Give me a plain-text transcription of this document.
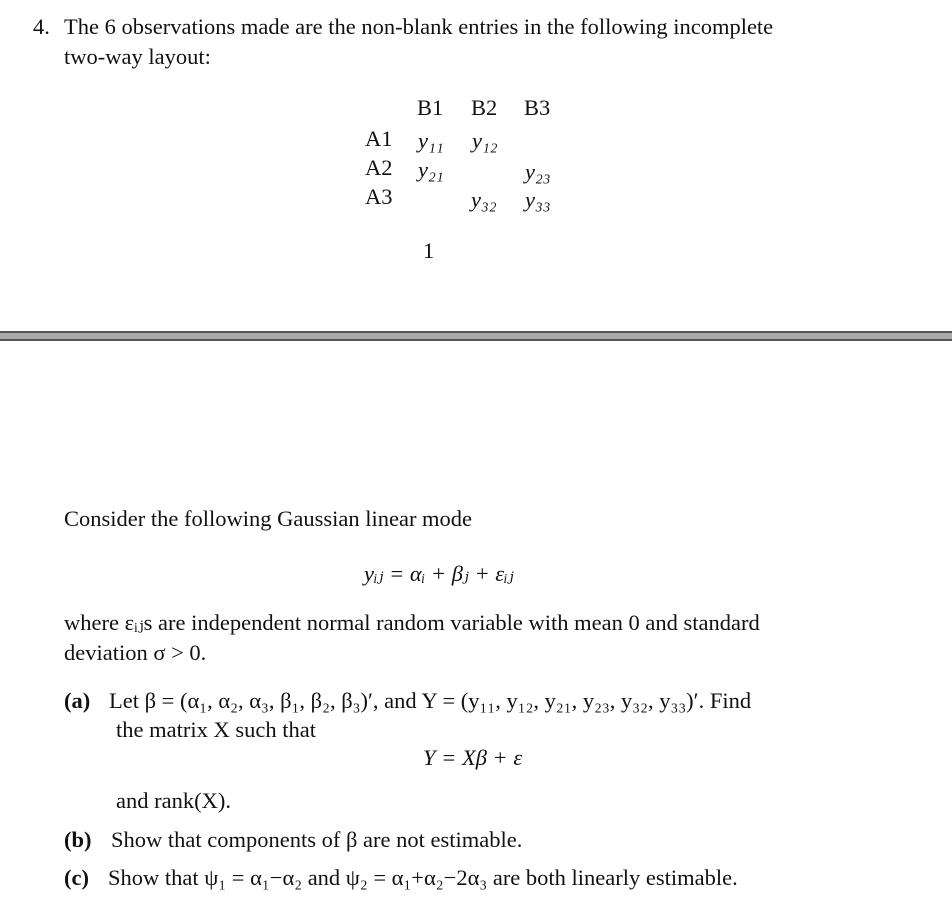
4. The 6 observations made are the non-blank entries in the following incomplete
two-way layout:
B1 B2 B3
A1
A2
A3
y₁₁ y₁₂
y₂₁	y₂₃
y₃₂ y₃₃
1
Consider the following Gaussian linear mode
yᵢⱼ = αᵢ + βⱼ + εᵢⱼ
where εᵢⱼs are independent normal random variable with mean 0 and standard
deviation σ > 0.
(a) Let β = (α₁, α₂, α₃, β₁, β₂, β₃)′, and Y = (y₁₁, y₁₂, y₂₁, y₂₃, y₃₂, y₃₃)′. Find
the matrix X such that
Y = Xβ + ε
and rank(X).
(b) Show that components of β are not estimable.
(c) Show that ψ₁ = α₁−α₂ and ψ₂ = α₁+α₂−2α₃ are both linearly estimable.
